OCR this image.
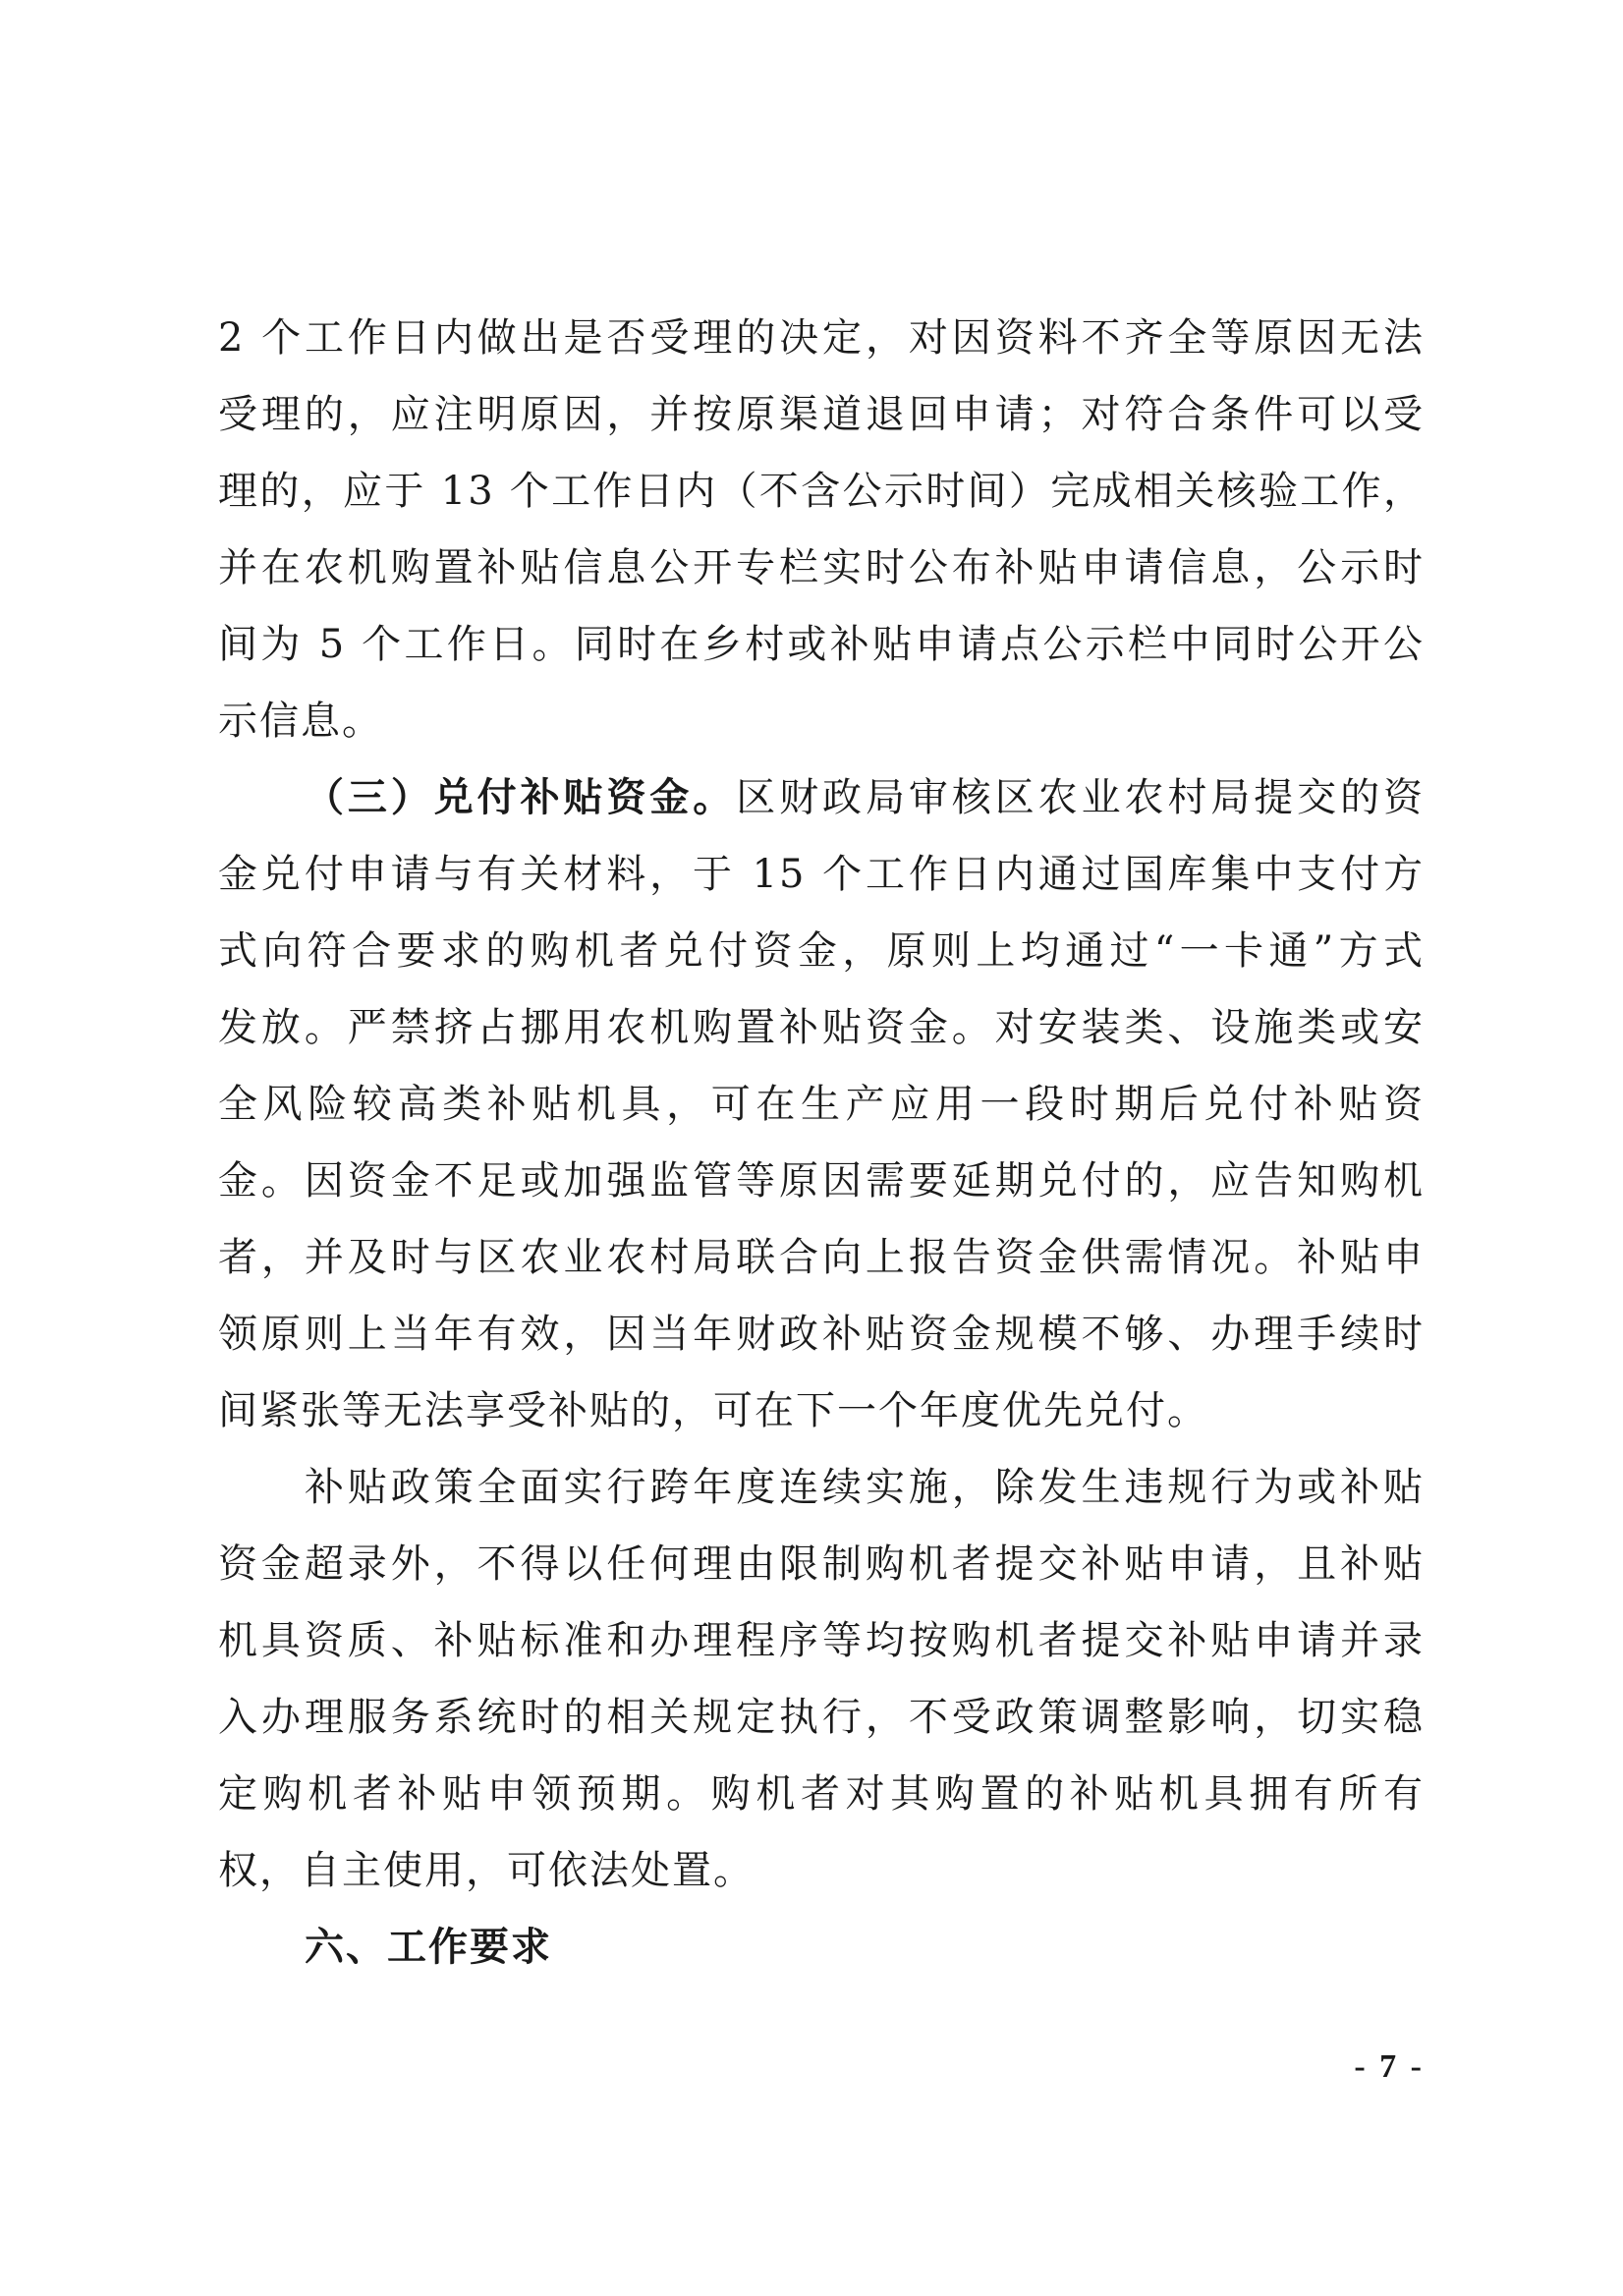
2 个工作日内做出是否受理的决定，对因资料不齐全等原因无法
受理的，应注明原因，并按原渠道退回申请；对符合条件可以受
理的，应于 13 个工作日内（不含公示时间）完成相关核验工作，
并在农机购置补贴信息公开专栏实时公布补贴申请信息，公示时
间为 5 个工作日。同时在乡村或补贴申请点公示栏中同时公开公
示信息。
（三）兑付补贴资金。区财政局审核区农业农村局提交的资
金兑付申请与有关材料，于 15 个工作日内通过国库集中支付方
式向符合要求的购机者兑付资金，原则上均通过“一卡通”方式
发放。严禁挤占挪用农机购置补贴资金。对安装类、设施类或安
全风险较高类补贴机具，可在生产应用一段时期后兑付补贴资
金。因资金不足或加强监管等原因需要延期兑付的，应告知购机
者，并及时与区农业农村局联合向上报告资金供需情况。补贴申
领原则上当年有效，因当年财政补贴资金规模不够、办理手续时
间紧张等无法享受补贴的，可在下一个年度优先兑付。
补贴政策全面实行跨年度连续实施，除发生违规行为或补贴
资金超录外，不得以任何理由限制购机者提交补贴申请，且补贴
机具资质、补贴标准和办理程序等均按购机者提交补贴申请并录
入办理服务系统时的相关规定执行，不受政策调整影响，切实稳
定购机者补贴申领预期。购机者对其购置的补贴机具拥有所有
权，自主使用，可依法处置。
六、工作要求
- 7 -
